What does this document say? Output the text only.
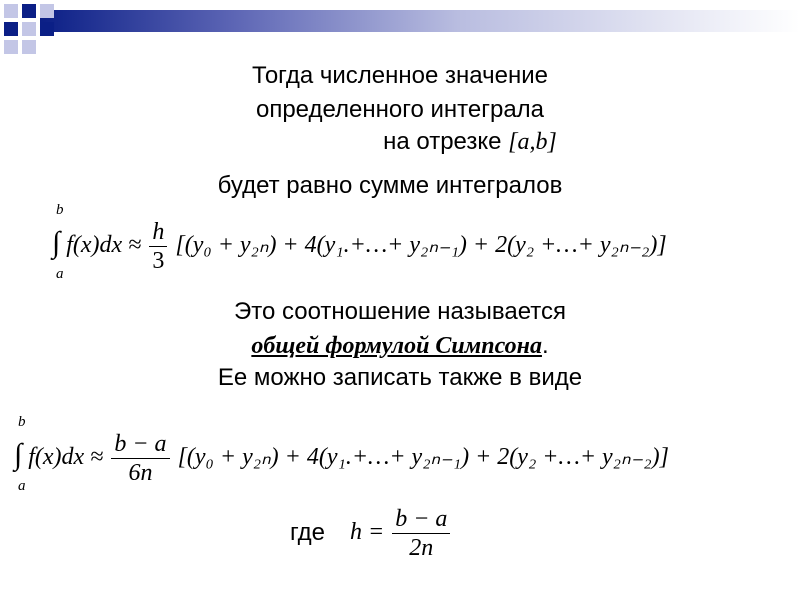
Тогда численное значение
определенного интеграла
на отрезке [a,b]
будет равно сумме интегралов
b
a
∫ $f(x)dx \approx \frac{h}{3} [(y_0 + y_{2n})$ + 4(y₁.+…+ y₂ₙ₋₁) + 2(y₂ +…+ y₂ₙ₋₂)]
Это соотношение называется
общей формулой Симпсона.
Ее можно записать также в виде
b
a
∫ $f(x)dx \approx \frac{b - a}{6n} [(y_0 + y_{2n})$ + 4(y₁.+…+ y₂ₙ₋₁) + 2(y₂ +…+ y₂ₙ₋₂)]
где $h = \frac{b - a}{2n}$
